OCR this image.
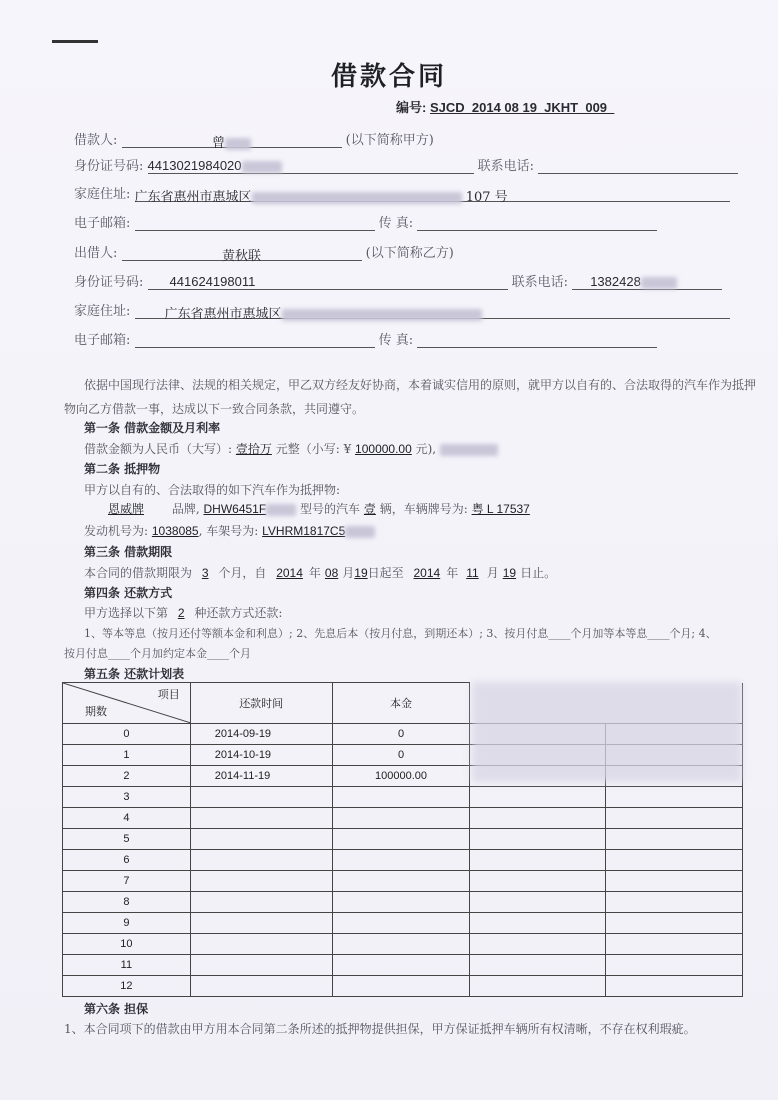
借款合同
编号: SJCD_2014 08 19_JKHT_009_
借款人:	曾	(以下简称甲方)
身份证号码: 4413021984020	联系电话:
家庭住址: 广东省惠州市惠城区	107 号
电子邮箱:	传 真:
出借人:	黄秋联	(以下简称乙方)
身份证号码: 441624198011	联系电话: 1382428
家庭住址:	广东省惠州市惠城区
电子邮箱:	传 真:
依据中国现行法律、法规的相关规定，甲乙双方经友好协商，本着诚实信用的原则，就甲方以自有的、合法取得的汽车作为抵押
物向乙方借款一事，达成以下一致合同条款，共同遵守。
第一条 借款金额及月利率
借款金额为人民币（大写）: 壹拾万 元整（小写: ¥ 100000.00 元),
第二条 抵押物
甲方以自有的、合法取得的如下汽车作为抵押物:
恩威牌 品牌, DHW6451F	型号的汽车 壹 辆，车辆牌号为: 粤 L 17537
发动机号为: 1038085, 车架号为: LVHRM1817C5
第三条 借款期限
本合同的借款期限为 3 个月，自 2014 年 08 月19日起至 2014 年 11 月 19 日止。
第四条 还款方式
甲方选择以下第 2 种还款方式还款:
1、等本等息（按月还付等额本金和利息）; 2、先息后本（按月付息，到期还本）; 3、按月付息____个月加等本等息____个月; 4、
按月付息____个月加约定本金____个月
第五条 还款计划表
项目
期数	还款时间	本金		
0	2014-09-19	0		
1	2014-10-19	0		
2	2014-11-19	100000.00		
3				
4				
5				
6				
7				
8				
9				
10				
11				
12				
第六条 担保
1、本合同项下的借款由甲方用本合同第二条所述的抵押物提供担保，甲方保证抵押车辆所有权清晰，不存在权利瑕疵。
